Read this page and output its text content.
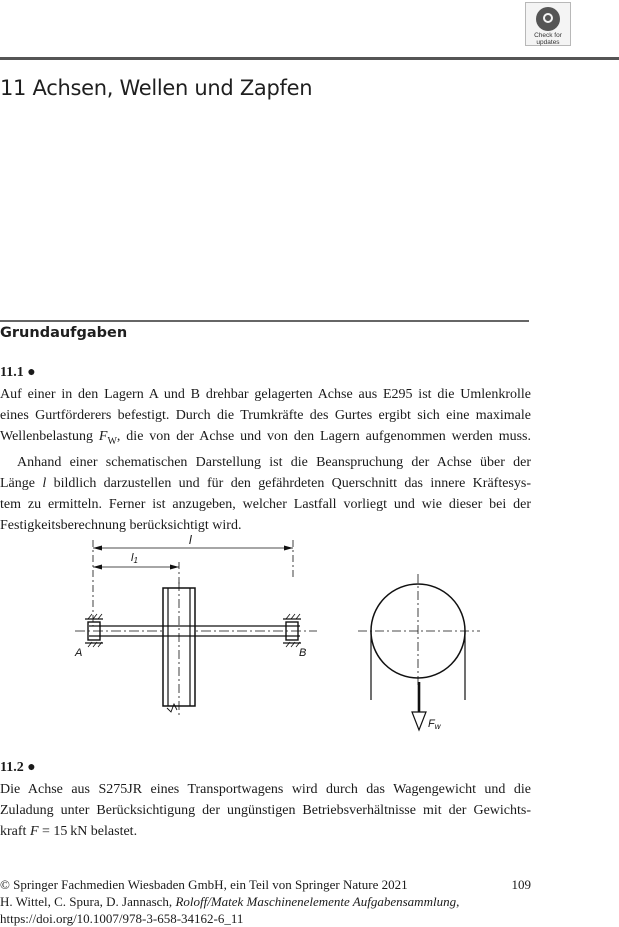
Check for
updates
11 Achsen, Wellen und Zapfen
Grundaufgaben
11.1 ●
Auf einer in den Lagern A und B drehbar gelagerten Achse aus E295 ist die Umlenkrolle
eines Gurtförderers befestigt. Durch die Trumkräfte des Gurtes ergibt sich eine maximale
Wellenbelastung $F_W$, die von der Achse und von den Lagern aufgenommen werden muss.
Anhand einer schematischen Darstellung ist die Beanspruchung der Achse über der
Länge l bildlich darzustellen und für den gefährdeten Querschnitt das innere Kräftesys-
tem zu ermitteln. Ferner ist anzugeben, welcher Lastfall vorliegt und wie dieser bei der
Festigkeitsberechnung berücksichtigt wird.
l
l1
A	B
Fw
11.2 ●
Die Achse aus S275JR eines Transportwagens wird durch das Wagengewicht und die
Zuladung unter Berücksichtigung der ungünstigen Betriebsverhältnisse mit der Gewichts-
kraft F = 15 kN belastet.
© Springer Fachmedien Wiesbaden GmbH, ein Teil von Springer Nature 2021	109
H. Wittel, C. Spura, D. Jannasch, Roloff/Matek Maschinenelemente Aufgabensammlung,
https://doi.org/10.1007/978-3-658-34162-6_11
